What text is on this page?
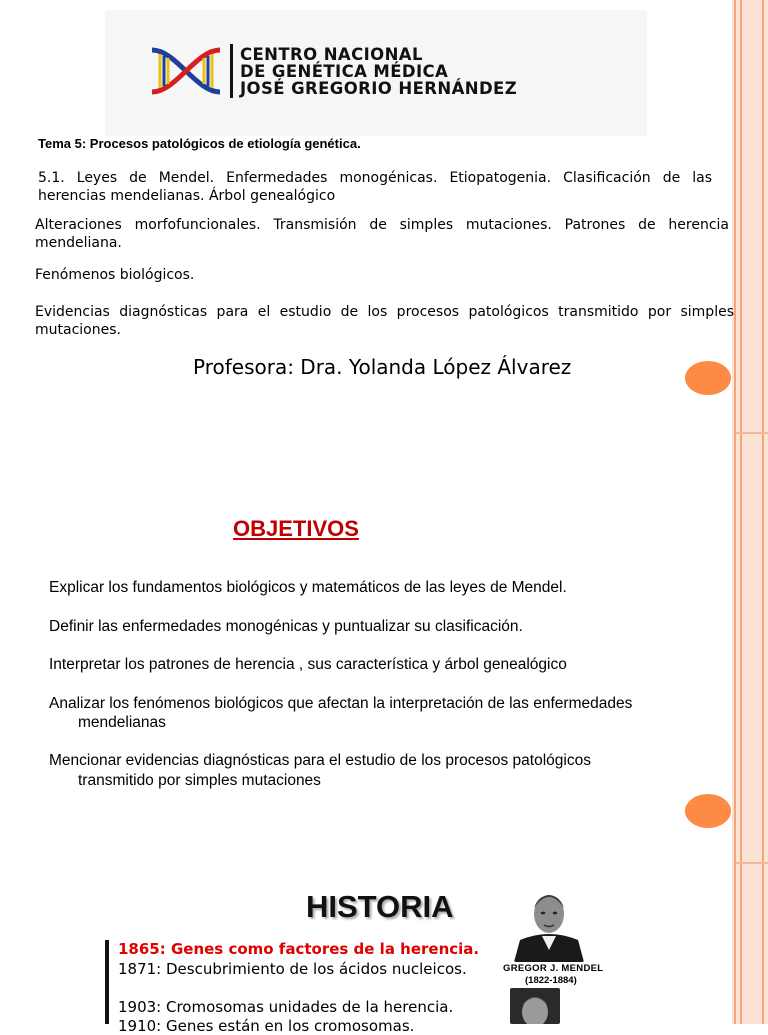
CENTRO NACIONAL
DE GENÉTICA MÉDICA
JOSÉ GREGORIO HERNÁNDEZ
Tema 5: Procesos patológicos de etiología genética.
5.1. Leyes de Mendel. Enfermedades monogénicas. Etiopatogenia. Clasificación de las herencias mendelianas. Árbol genealógico
Alteraciones morfofuncionales. Transmisión de simples mutaciones. Patrones de herencia mendeliana.
Fenómenos biológicos.
Evidencias diagnósticas para el estudio de los procesos patológicos transmitido por simples mutaciones.
Profesora: Dra. Yolanda López Álvarez
OBJETIVOS
Explicar los fundamentos biológicos y matemáticos de las leyes de Mendel.
Definir las enfermedades monogénicas y puntualizar su clasificación.
Interpretar los patrones de herencia , sus característica y árbol genealógico
Analizar los fenómenos biológicos que afectan la interpretación de las enfermedades
mendelianas
Mencionar evidencias diagnósticas para el estudio de los procesos patológicos
transmitido por simples mutaciones
HISTORIA
GREGOR J. MENDEL
(1822-1884)
1865: Genes como factores de la herencia.
1871: Descubrimiento de los ácidos nucleicos.
1903: Cromosomas unidades de la herencia.
1910: Genes están en los cromosomas.
